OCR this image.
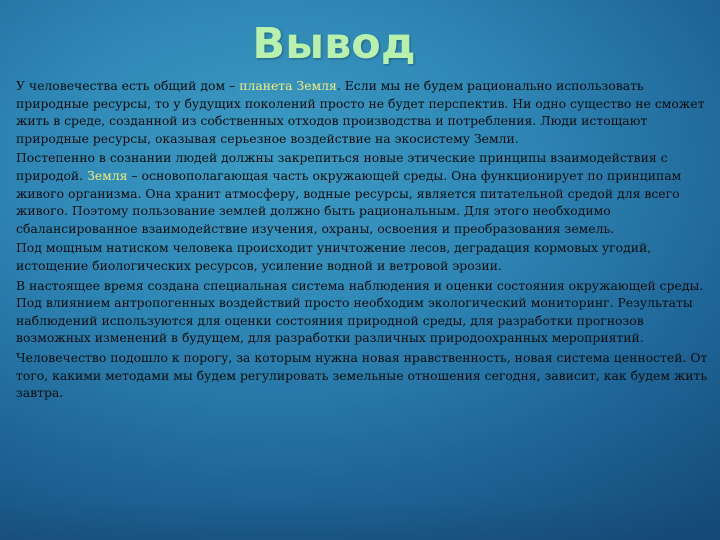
Вывод

У человечества есть общий дом – планета Земля. Если мы не будем рационально использовать природные ресурсы, то у будущих поколений просто не будет перспектив. Ни одно существо не сможет жить в среде, созданной из собственных отходов производства и потребления. Люди истощают природные ресурсы, оказывая серьезное воздействие на экосистему Земли.

Постепенно в сознании людей должны закрепиться новые этические принципы взаимодействия с природой. Земля – основополагающая часть окружающей среды. Она функционирует по принципам живого организма. Она хранит атмосферу, водные ресурсы, является питательной средой для всего живого. Поэтому пользование землей должно быть рациональным. Для этого необходимо сбалансированное взаимодействие изучения, охраны, освоения и преобразования земель.

Под мощным натиском человека происходит уничтожение лесов, деградация кормовых угодий, истощение биологических ресурсов, усиление водной и ветровой эрозии.

В настоящее время создана специальная система наблюдения и оценки состояния окружающей среды. Под влиянием антропогенных воздействий просто необходим экологический мониторинг. Результаты наблюдений используются для оценки состояния природной среды, для разработки прогнозов возможных изменений в будущем, для разработки различных природоохранных мероприятий.

Человечество подошло к порогу, за которым нужна новая нравственность, новая система ценностей. От того, какими методами мы будем регулировать земельные отношения сегодня, зависит, как будем жить завтра.
